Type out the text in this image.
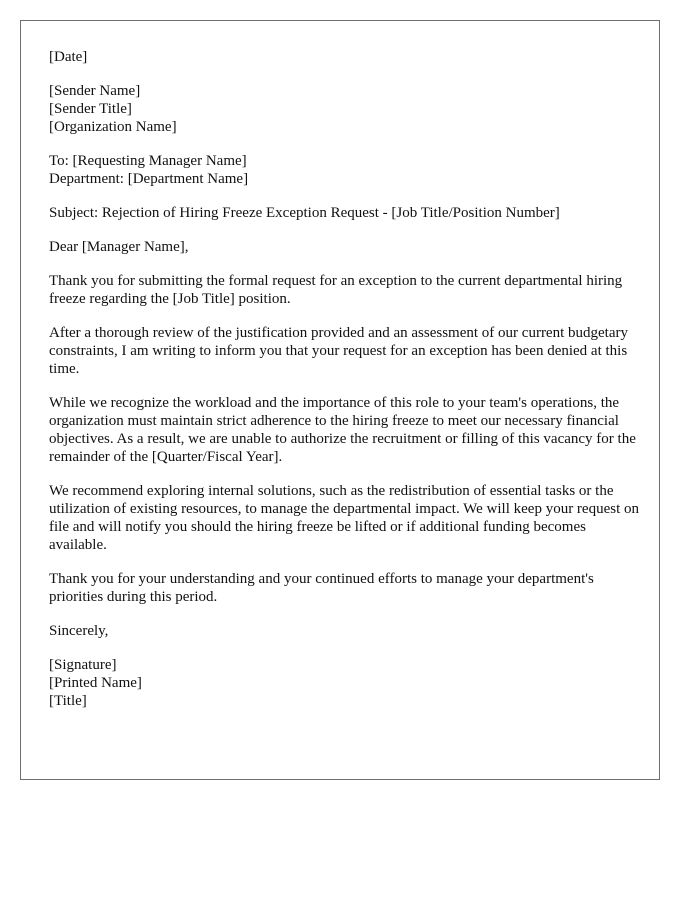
[Date]
[Sender Name]
[Sender Title]
[Organization Name]
To: [Requesting Manager Name]
Department: [Department Name]
Subject: Rejection of Hiring Freeze Exception Request - [Job Title/Position Number]
Dear [Manager Name],

Thank you for submitting the formal request for an exception to the current departmental hiring freeze regarding the [Job Title] position.

After a thorough review of the justification provided and an assessment of our current budgetary constraints, I am writing to inform you that your request for an exception has been denied at this time.

While we recognize the workload and the importance of this role to your team's operations, the organization must maintain strict adherence to the hiring freeze to meet our necessary financial objectives. As a result, we are unable to authorize the recruitment or filling of this vacancy for the remainder of the [Quarter/Fiscal Year].

We recommend exploring internal solutions, such as the redistribution of essential tasks or the utilization of existing resources, to manage the departmental impact. We will keep your request on file and will notify you should the hiring freeze be lifted or if additional funding becomes available.

Thank you for your understanding and your continued efforts to manage your department's priorities during this period.

Sincerely,
[Signature]
[Printed Name]
[Title]
